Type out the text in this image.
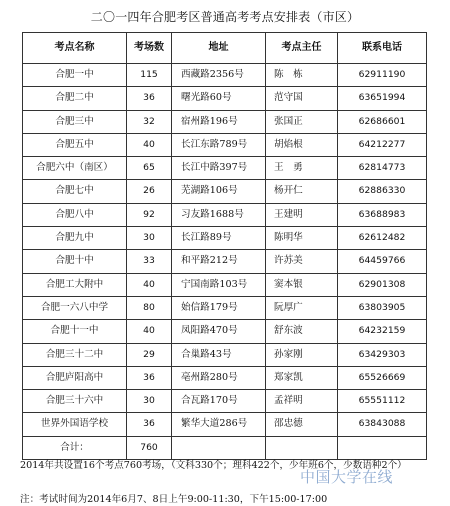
二〇一四年合肥考区普通高考考点安排表（市区）
考点名称	考场数	地址	考点主任	联系电话
合肥一中	115	西藏路2356号	陈　栋	62911190
合肥二中	36	曙光路60号	范守国	63651994
合肥三中	32	宿州路196号	张国正	62686601
合肥五中	40	长江东路789号	胡焰根	64212277
合肥六中（南区）	65	长江中路397号	王　勇	62814773
合肥七中	26	芜湖路106号	杨开仁	62886330
合肥八中	92	习友路1688号	王建明	63688983
合肥九中	30	长江路89号	陈明华	62612482
合肥十中	33	和平路212号	许苏美	64459766
合肥工大附中	40	宁国南路103号	窦本银	62901308
合肥一六八中学	80	始信路179号	阮厚广	63803905
合肥十一中	40	凤阳路470号	舒东波	64232159
合肥三十二中	29	合巢路43号	孙家刚	63429303
合肥庐阳高中	36	亳州路280号	郑家凯	65526669
合肥三十六中	30	合瓦路170号	孟祥明	65551112
世界外国语学校	36	繁华大道286号	邵忠德	63843088
合计：	760			
2014年共设置16个考点760考场，（文科330个；理科422个，少年班6个，少数语种2个）
中国大学在线
注：考试时间为2014年6月7、8日上午9:00-11:30，下午15:00-17:00
